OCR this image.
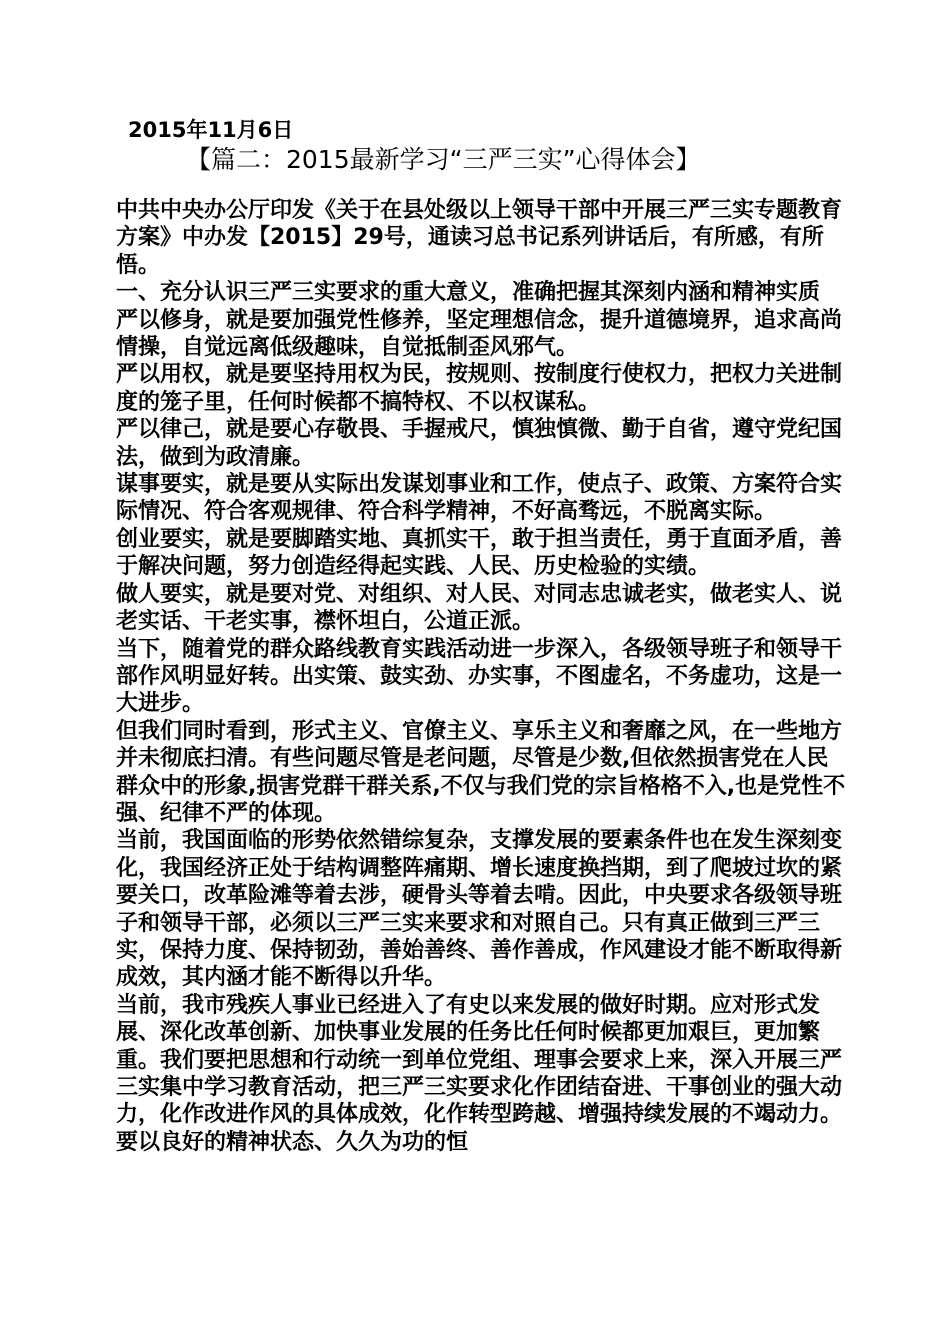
2015年11月6日
【篇二：2015最新学习“三严三实”心得体会】

中共中央办公厅印发《关于在县处级以上领导干部中开展三严三实专题教育方案》中办发【2015】29号，通读习总书记系列讲话后，有所感，有所悟。

一、充分认识三严三实要求的重大意义，准确把握其深刻内涵和精神实质

严以修身，就是要加强党性修养，坚定理想信念，提升道德境界，追求高尚情操，自觉远离低级趣味，自觉抵制歪风邪气。

严以用权，就是要坚持用权为民，按规则、按制度行使权力，把权力关进制度的笼子里，任何时候都不搞特权、不以权谋私。

严以律己，就是要心存敬畏、手握戒尺，慎独慎微、勤于自省，遵守党纪国法，做到为政清廉。

谋事要实，就是要从实际出发谋划事业和工作，使点子、政策、方案符合实际情况、符合客观规律、符合科学精神，不好高骛远，不脱离实际。

创业要实，就是要脚踏实地、真抓实干，敢于担当责任，勇于直面矛盾，善于解决问题，努力创造经得起实践、人民、历史检验的实绩。

做人要实，就是要对党、对组织、对人民、对同志忠诚老实，做老实人、说老实话、干老实事，襟怀坦白，公道正派。

当下，随着党的群众路线教育实践活动进一步深入，各级领导班子和领导干部作风明显好转。出实策、鼓实劲、办实事，不图虚名，不务虚功，这是一大进步。

但我们同时看到，形式主义、官僚主义、享乐主义和奢靡之风，在一些地方并未彻底扫清。有些问题尽管是老问题，尽管是少数,但依然损害党在人民群众中的形象,损害党群干群关系,不仅与我们党的宗旨格格不入,也是党性不强、纪律不严的体现。

当前，我国面临的形势依然错综复杂，支撑发展的要素条件也在发生深刻变化，我国经济正处于结构调整阵痛期、增长速度换挡期，到了爬坡过坎的紧要关口，改革险滩等着去涉，硬骨头等着去啃。因此，中央要求各级领导班子和领导干部，必须以三严三实来要求和对照自己。只有真正做到三严三实，保持力度、保持韧劲，善始善终、善作善成，作风建设才能不断取得新成效，其内涵才能不断得以升华。

当前，我市残疾人事业已经进入了有史以来发展的做好时期。应对形式发展、深化改革创新、加快事业发展的任务比任何时候都更加艰巨，更加繁重。我们要把思想和行动统一到单位党组、理事会要求上来，深入开展三严三实集中学习教育活动，把三严三实要求化作团结奋进、干事创业的强大动力，化作改进作风的具体成效，化作转型跨越、增强持续发展的不竭动力。要以良好的精神状态、久久为功的恒
